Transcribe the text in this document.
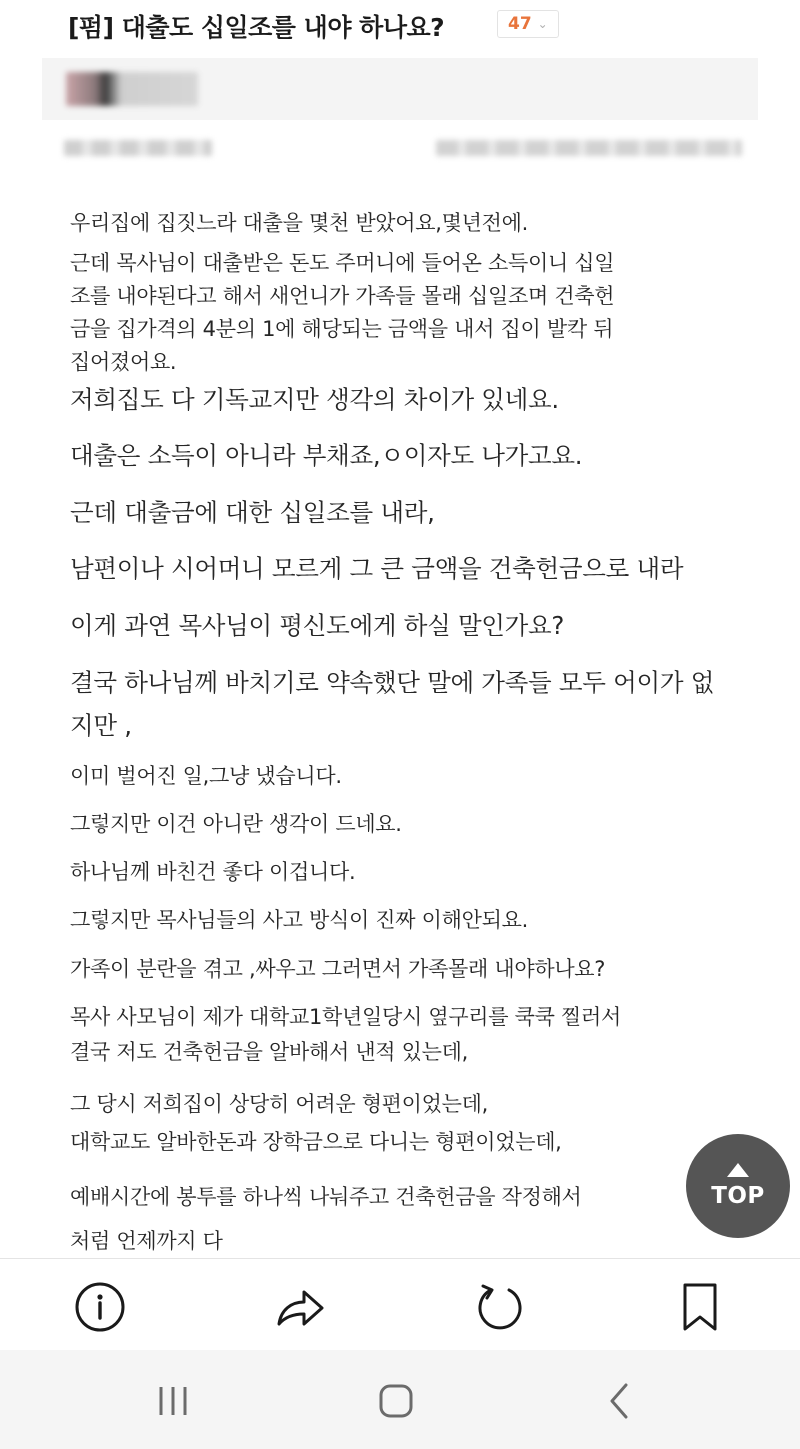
[펌] 대출도 십일조를 내야 하나요?	47 ⌄
우리집에 집짓느라 대출을 몇천 받았어요,몇년전에.
근데 목사님이 대출받은 돈도 주머니에 들어온 소득이니 십일
조를 내야된다고 해서 새언니가 가족들 몰래 십일조며 건축헌
금을 집가격의 4분의 1에 해당되는 금액을 내서 집이 발칵 뒤
집어졌어요.
저희집도 다 기독교지만 생각의 차이가 있네요.
대출은 소득이 아니라 부채죠,ㅇ이자도 나가고요.
근데 대출금에 대한 십일조를 내라,
남편이나 시어머니 모르게 그 큰 금액을 건축헌금으로 내라
이게 과연 목사님이 평신도에게 하실 말인가요?
결국 하나님께 바치기로 약속했단 말에 가족들 모두 어이가 없
지만 ,
이미 벌어진 일,그냥 냈습니다.
그렇지만 이건 아니란 생각이 드네요.
하나님께 바친건 좋다 이겁니다.
그렇지만 목사님들의 사고 방식이 진짜 이해안되요.
가족이 분란을 겪고 ,싸우고 그러면서 가족몰래 내야하나요?
목사 사모님이 제가 대학교1학년일당시 옆구리를 쿡쿡 찔러서
결국 저도 건축헌금을 알바해서 낸적 있는데,
그 당시 저희집이 상당히 어려운 형편이었는데,
대학교도 알바한돈과 장학금으로 다니는 형편이었는데,
예배시간에 봉투를 하나씩 나눠주고 건축헌금을 작정해서
처럼 언제까지 다
TOP
